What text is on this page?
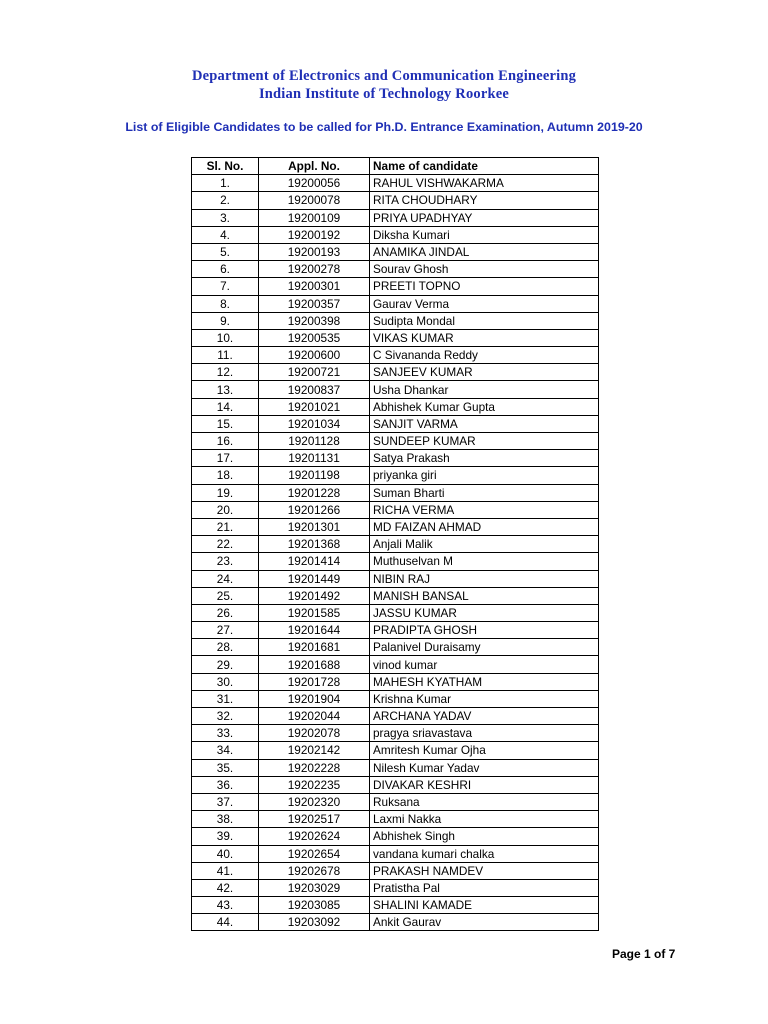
Department of Electronics and Communication Engineering
Indian Institute of Technology Roorkee
List of Eligible Candidates to be called for Ph.D. Entrance Examination, Autumn 2019-20
Sl. No.	Appl. No.	Name of candidate
1.	19200056	RAHUL VISHWAKARMA
2.	19200078	RITA CHOUDHARY
3.	19200109	PRIYA UPADHYAY
4.	19200192	Diksha Kumari
5.	19200193	ANAMIKA JINDAL
6.	19200278	Sourav Ghosh
7.	19200301	PREETI TOPNO
8.	19200357	Gaurav Verma
9.	19200398	Sudipta Mondal
10.	19200535	VIKAS KUMAR
11.	19200600	C Sivananda Reddy
12.	19200721	SANJEEV KUMAR
13.	19200837	Usha Dhankar
14.	19201021	Abhishek Kumar Gupta
15.	19201034	SANJIT VARMA
16.	19201128	SUNDEEP KUMAR
17.	19201131	Satya Prakash
18.	19201198	priyanka giri
19.	19201228	Suman Bharti
20.	19201266	RICHA VERMA
21.	19201301	MD FAIZAN AHMAD
22.	19201368	Anjali Malik
23.	19201414	Muthuselvan M
24.	19201449	NIBIN RAJ
25.	19201492	MANISH BANSAL
26.	19201585	JASSU KUMAR
27.	19201644	PRADIPTA GHOSH
28.	19201681	Palanivel Duraisamy
29.	19201688	vinod kumar
30.	19201728	MAHESH KYATHAM
31.	19201904	Krishna Kumar
32.	19202044	ARCHANA YADAV
33.	19202078	pragya sriavastava
34.	19202142	Amritesh Kumar Ojha
35.	19202228	Nilesh Kumar Yadav
36.	19202235	DIVAKAR KESHRI
37.	19202320	Ruksana
38.	19202517	Laxmi Nakka
39.	19202624	Abhishek Singh
40.	19202654	vandana kumari chalka
41.	19202678	PRAKASH NAMDEV
42.	19203029	Pratistha Pal
43.	19203085	SHALINI KAMADE
44.	19203092	Ankit Gaurav
Page 1 of 7
